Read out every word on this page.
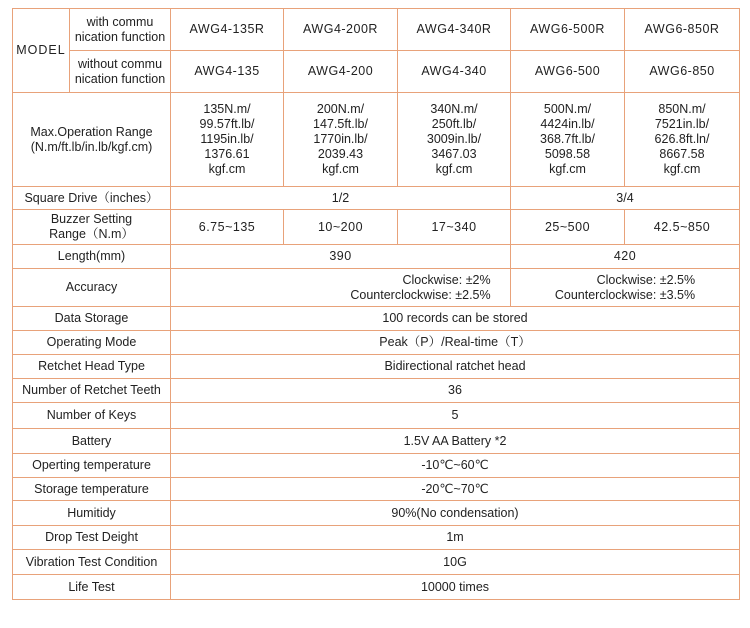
MODEL	with commu nication function	AWG4-135R	AWG4-200R	AWG4-340R	AWG6-500R	AWG6-850R
	without commu nication function	AWG4-135	AWG4-200	AWG4-340	AWG6-500	AWG6-850

Max.Operation Range
(N.m/ft.lb/in.lb/kgf.cm)		135N.m/
99.57ft.lb/
1195in.lb/
1376.61
kgf.cm	200N.m/
147.5ft.lb/
1770in.lb/
2039.43
kgf.cm	340N.m/
250ft.lb/
3009in.lb/
3467.03
kgf.cm	500N.m/
4424in.lb/
368.7ft.lb/
5098.58
kgf.cm	850N.m/
7521in.lb/
626.8ft.ln/
8667.58
kgf.cm

Square Drive（inches）		1/2			3/4	

Buzzer Setting
Range（N.m）		6.75~135	10~200	17~340	25~500	42.5~850
Length(mm)		390			420	
Accuracy		Clockwise: ±2%
Counterclockwise: ±2.5%			Clockwise: ±2.5%
Counterclockwise: ±3.5%	

Data Storage		100 records can be stored				
Operating Mode		Peak（P）/Real-time（T）				
Retchet Head Type		Bidirectional ratchet head				
Number of Retchet Teeth		36				
Number of Keys		5				
Battery		1.5V AA Battery *2				
Operting temperature		-10℃~60℃				
Storage temperature		-20℃~70℃				
Humitidy		90%(No condensation)				
Drop Test Deight		1m				
Vibration Test Condition		10G				
Life Test		10000 times				
